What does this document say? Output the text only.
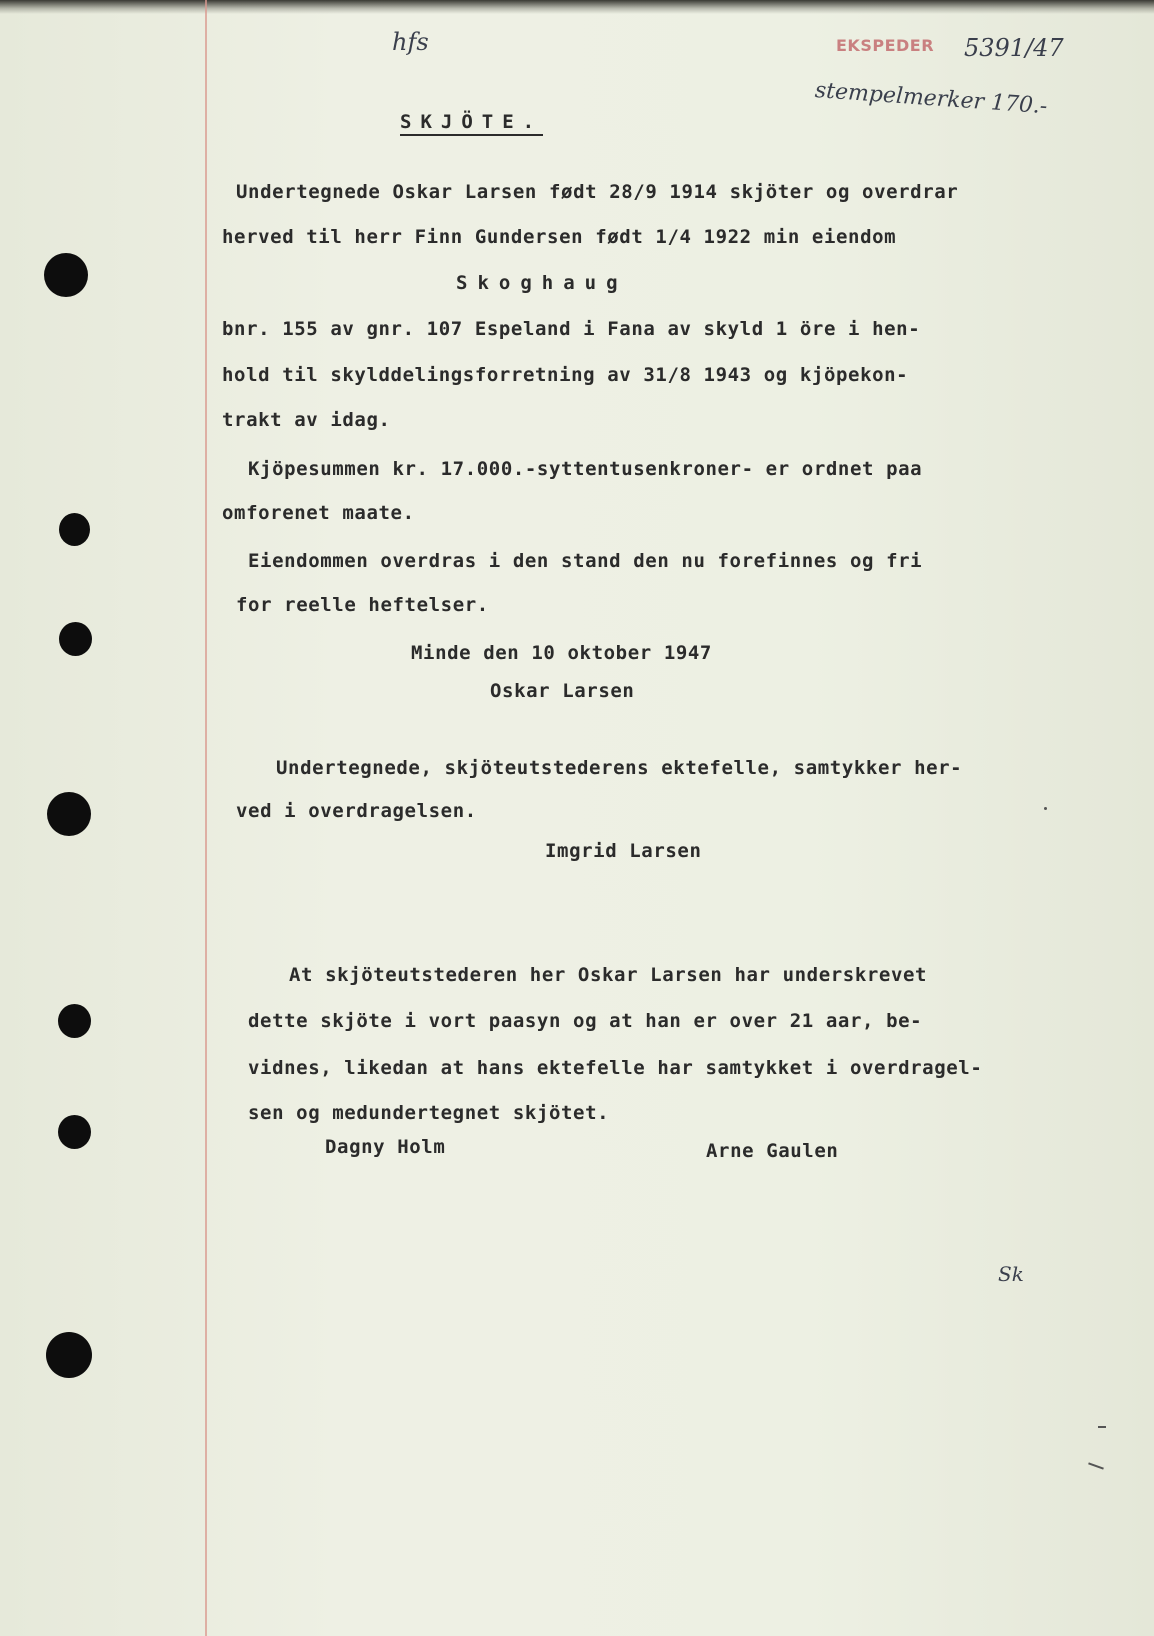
hfs	EKSPEDER 5391/47
stempelmerker 170.-
SKJÖTE.
Undertegnede Oskar Larsen født 28/9 1914 skjöter og overdrar
herved til herr Finn Gundersen født 1/4 1922 min eiendom
Skoghaug
bnr. 155 av gnr. 107 Espeland i Fana av skyld 1 öre i hen-
hold til skylddelingsforretning av 31/8 1943 og kjöpekon-
trakt av idag.
Kjöpesummen kr. 17.000.-syttentusenkroner- er ordnet paa
omforenet maate.
Eiendommen overdras i den stand den nu forefinnes og fri
for reelle heftelser.
Minde den 10 oktober 1947
Oskar Larsen
Undertegnede, skjöteutstederens ektefelle, samtykker her-
ved i overdragelsen.
Imgrid Larsen
At skjöteutstederen her Oskar Larsen har underskrevet
dette skjöte i vort paasyn og at han er over 21 aar, be-
vidnes, likedan at hans ektefelle har samtykket i overdragel-
sen og medundertegnet skjötet.
Dagny Holm	Arne Gaulen
Sk
